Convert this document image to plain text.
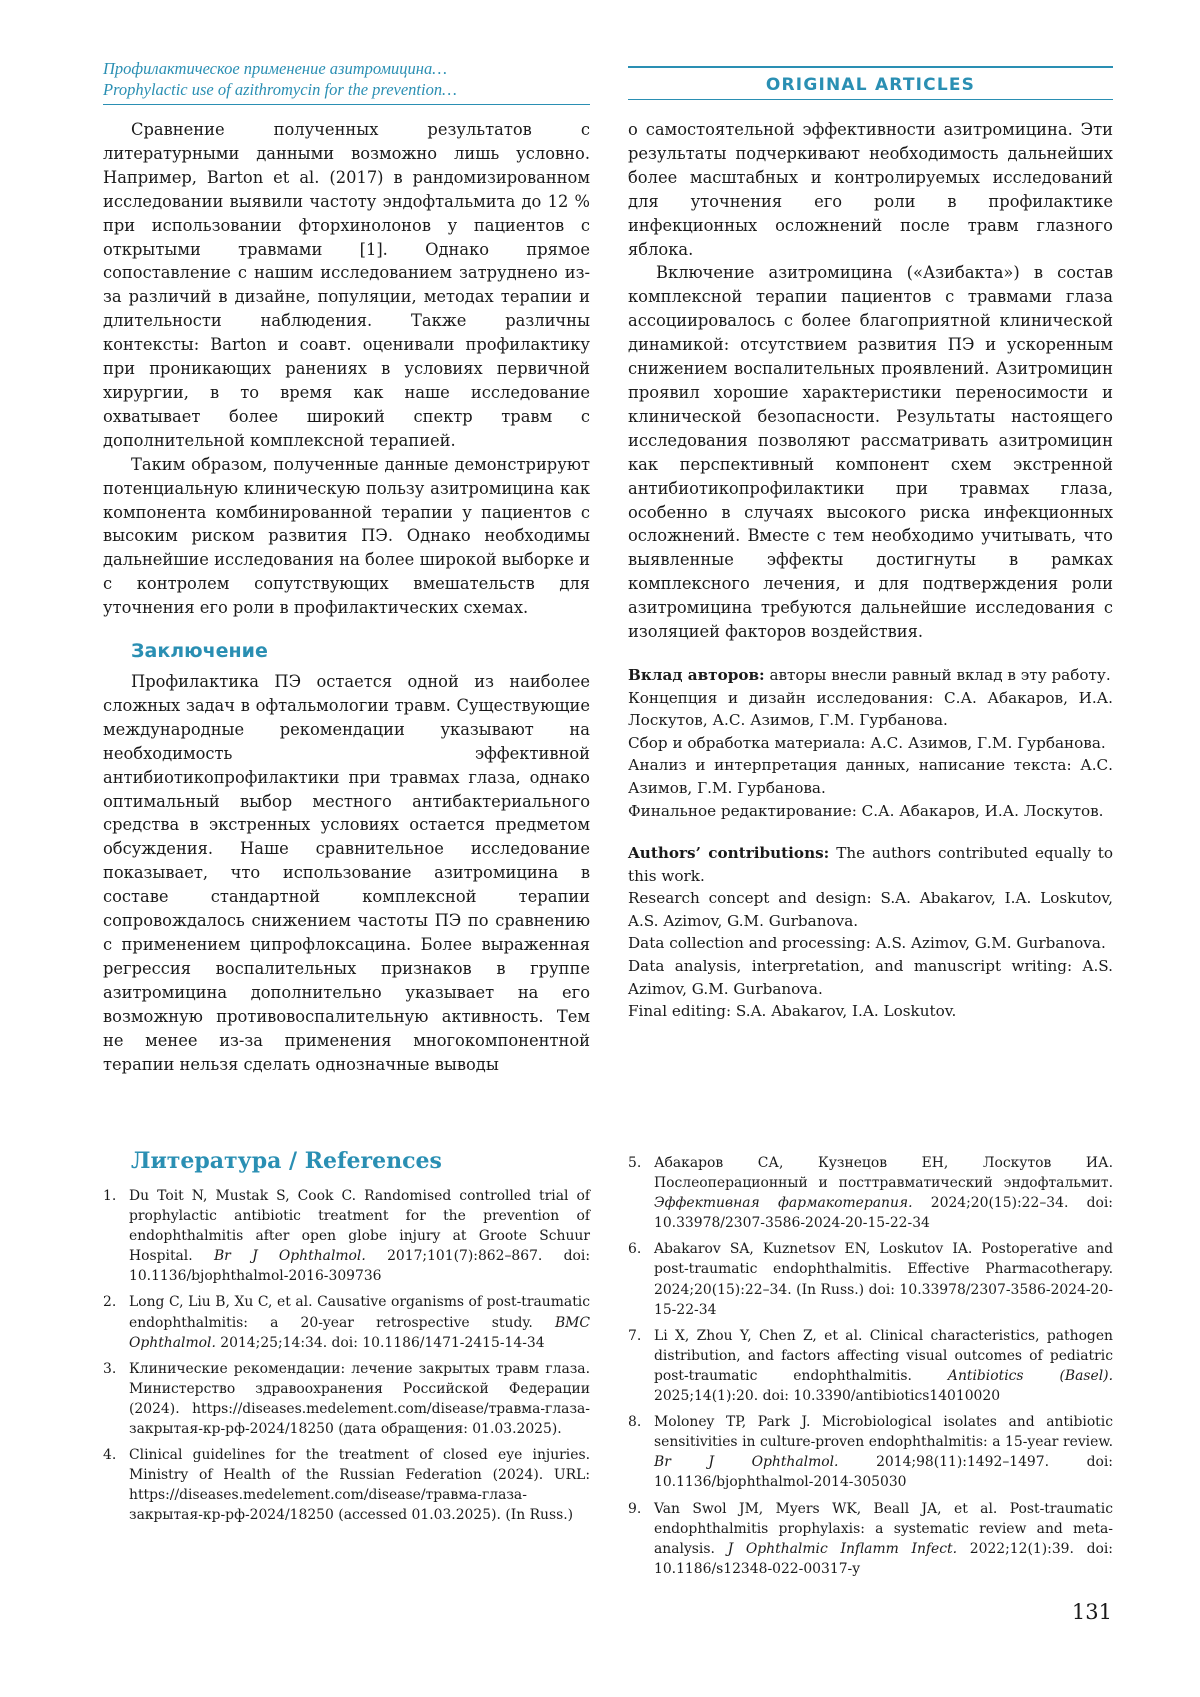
Профилактическое применение азитромицина…
Prophylactic use of azithromycin for the prevention…	ORIGINAL ARTICLES

Сравнение полученных результатов с литературными данными возможно лишь условно. Например, Barton et al. (2017) в рандомизированном исследовании выявили частоту эндофтальмита до 12 % при использовании фторхинолонов у пациентов с открытыми травмами [1]. Однако прямое сопоставление с нашим исследованием затруднено из-за различий в дизайне, популяции, методах терапии и длительности наблюдения. Также различны контексты: Barton и соавт. оценивали профилактику при проникающих ранениях в условиях первичной хирургии, в то время как наше исследование охватывает более широкий спектр травм с дополнительной комплексной терапией.

Таким образом, полученные данные демонстрируют потенциальную клиническую пользу азитромицина как компонента комбинированной терапии у пациентов с высоким риском развития ПЭ. Однако необходимы дальнейшие исследования на более широкой выборке и с контролем сопутствующих вмешательств для уточнения его роли в профилактических схемах.

Заключение

Профилактика ПЭ остается одной из наиболее сложных задач в офтальмологии травм. Существующие международные рекомендации указывают на необходимость эффективной антибиотикопрофилактики при травмах глаза, однако оптимальный выбор местного антибактериального средства в экстренных условиях остается предметом обсуждения. Наше сравнительное исследование показывает, что использование азитромицина в составе стандартной комплексной терапии сопровождалось снижением частоты ПЭ по сравнению с применением ципрофлоксацина. Более выраженная регрессия воспалительных признаков в группе азитромицина дополнительно указывает на его возможную противовоспалительную активность. Тем не менее из-за применения многокомпонентной терапии нельзя сделать однозначные выводы

о самостоятельной эффективности азитромицина. Эти результаты подчеркивают необходимость дальнейших более масштабных и контролируемых исследований для уточнения его роли в профилактике инфекционных осложнений после травм глазного яблока.

Включение азитромицина («Азибакта») в состав комплексной терапии пациентов с травмами глаза ассоциировалось с более благоприятной клинической динамикой: отсутствием развития ПЭ и ускоренным снижением воспалительных проявлений. Азитромицин проявил хорошие характеристики переносимости и клинической безопасности. Результаты настоящего исследования позволяют рассматривать азитромицин как перспективный компонент схем экстренной антибиотикопрофилактики при травмах глаза, особенно в случаях высокого риска инфекционных осложнений. Вместе с тем необходимо учитывать, что выявленные эффекты достигнуты в рамках комплексного лечения, и для подтверждения роли азитромицина требуются дальнейшие исследования с изоляцией факторов воздействия.

Вклад авторов: авторы внесли равный вклад в эту работу.

Концепция и дизайн исследования: С.А. Абакаров, И.А. Лоскутов, А.С. Азимов, Г.М. Гурбанова.

Сбор и обработка материала: А.С. Азимов, Г.М. Гурбанова.

Анализ и интерпретация данных, написание текста: А.С. Азимов, Г.М. Гурбанова.

Финальное редактирование: С.А. Абакаров, И.А. Лоскутов.

Authors’ contributions: The authors contributed equally to this work.

Research concept and design: S.A. Abakarov, I.A. Loskutov, A.S. Azimov, G.M. Gurbanova.

Data collection and processing: A.S. Azimov, G.M. Gurbanova.

Data analysis, interpretation, and manuscript writing: A.S. Azimov, G.M. Gurbanova.

Final editing: S.A. Abakarov, I.A. Loskutov.

Литература / References
1. Du Toit N, Mustak S, Cook C. Randomised controlled trial of prophylactic antibiotic treatment for the prevention of endophthalmitis after open globe injury at Groote Schuur Hospital. Br J Ophthalmol. 2017;101(7):862–867. doi: 10.1136/bjophthalmol-2016-309736
2. Long C, Liu B, Xu C, et al. Causative organisms of post-traumatic endophthalmitis: a 20-year retrospective study. BMC Ophthalmol. 2014;25;14:34. doi: 10.1186/1471-2415-14-34
3. Клинические рекомендации: лечение закрытых травм глаза. Министерство здравоохранения Российской Федерации (2024). https://diseases.medelement.com/disease/травма-глаза-закрытая-кр-рф-2024/18250 (дата обращения: 01.03.2025).
4. Clinical guidelines for the treatment of closed eye injuries. Ministry of Health of the Russian Federation (2024). URL: https://diseases.medelement.com/disease/травма-глаза-закрытая-кр-рф-2024/18250 (accessed 01.03.2025). (In Russ.)
5. Абакаров СА, Кузнецов ЕН, Лоскутов ИА. Послеоперационный и посттравматический эндофтальмит. Эффективная фармакотерапия. 2024;20(15):22–34. doi: 10.33978/2307-3586-2024-20-15-22-34
6. Abakarov SA, Kuznetsov EN, Loskutov IA. Postoperative and post-traumatic endophthalmitis. Effective Pharmacotherapy. 2024;20(15):22–34. (In Russ.) doi: 10.33978/2307-3586-2024-20-15-22-34
7. Li X, Zhou Y, Chen Z, et al. Clinical characteristics, pathogen distribution, and factors affecting visual outcomes of pediatric post-traumatic endophthalmitis.	Antibiotics (Basel). 2025;14(1):20. doi: 10.3390/antibiotics14010020
8. Moloney TP, Park J. Microbiological isolates and antibiotic sensitivities in culture-proven endophthalmitis: a 15-year review. Br J Ophthalmol.	2014;98(11):1492–1497. doi: 10.1136/bjophthalmol-2014-305030
9. Van Swol JM, Myers WK, Beall JA, et al. Post-traumatic endophthalmitis prophylaxis: a systematic review and meta-analysis. J Ophthalmic Inflamm Infect. 2022;12(1):39. doi: 10.1186/s12348-022-00317-y
131
